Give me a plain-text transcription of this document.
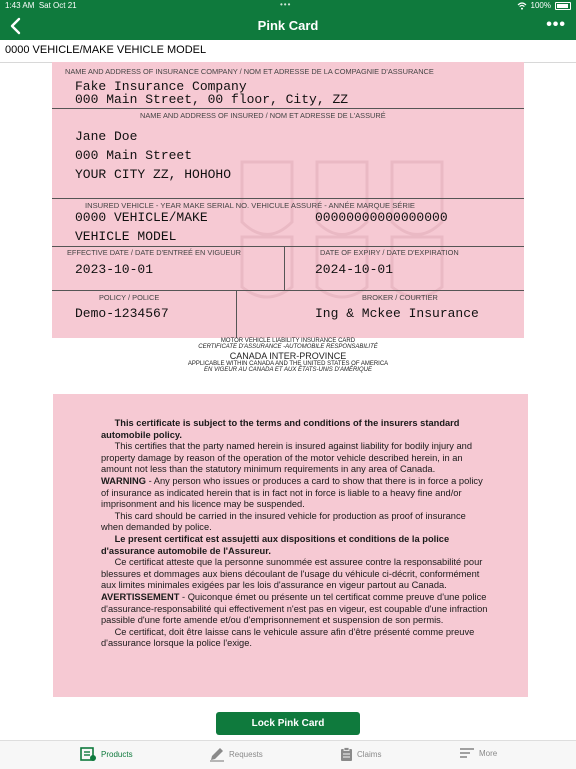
1:43 AM Sat Oct 21	•••	100%
Pink Card	•••
0000 VEHICLE/MAKE VEHICLE MODEL
NAME AND ADDRESS OF INSURANCE COMPANY / NOM ET ADRESSE DE LA COMPAGNIE D'ASSURANCE
Fake Insurance Company
000 Main Street, 00 floor, City, ZZ
NAME AND ADDRESS OF INSURED / NOM ET ADRESSE DE L'ASSURÉ
Jane Doe
000 Main Street
YOUR CITY ZZ, HOHOHO
INSURED VEHICLE - YEAR MAKE SERIAL NO. VEHICULE ASSURÉ - ANNÉE MARQUE SÉRIE
0000 VEHICLE/MAKE	00000000000000000
VEHICLE MODEL
EFFECTIVE DATE / DATE D'ENTREÉ EN VIGUEUR
2023-10-01
DATE OF EXPIRY / DATE D'EXPIRATION
2024-10-01
POLICY / POLICE
Demo-1234567
BROKER / COURTIER
Ing & Mckee Insurance
MOTOR VEHICLE LIABILITY INSURANCE CARD
CERTIFICATE D'ASSURANCE -AUTOMOBILE RESPONSABILITÉ
CANADA INTER-PROVINCE
APPLICABLE WITHIN CANADA AND THE UNITED STATES OF AMERICA
EN VIGEUR AU CANADA ET AUX ÉTATS-UNIS D'AMÉRIQUE

This certificate is subject to the terms and conditions of the insurers standard automobile policy.

This certifies that the party named herein is insured against liability for bodily injury and property damage by reason of the operation of the motor vehicle described herein, in an amount not less than the statutory minimum requirements in any area of Canada.

WARNING - Any person who issues or produces a card to show that there is in force a policy of insurance as indicated herein that is in fact not in force is liable to a heavy fine and/or imprisonment and his licence may be suspended.

This card should be carried in the insured vehicle for production as proof of insurance when demanded by police.

Le present certificat est assujetti aux dispositions et conditions de la police d'assurance automobile de l'Assureur.

Ce certificat atteste que la personne sunommée est assuree contre la responsabilité pour blessures et dommages aux biens découlant de l'usage du véhicule ci-décrit, conformément aux limites minimales exigées par les lois d'assurance en vigeur partout au Canada.

AVERTISSEMENT - Quiconque émet ou présente un tel certificat comme preuve d'une police d'assurance-responsabilité qui effectivement n'est pas en vigeur, est coupable d'une infraction passible d'une forte amende et/ou d'emprisonnement et suspension de son permis.

Ce certificat, doit être laisse cans le vehicule assure afin d'être présenté comme preuve d'assurance lorsque la police l'exige.

Lock Pink Card
Products	Requests	Claims	More
